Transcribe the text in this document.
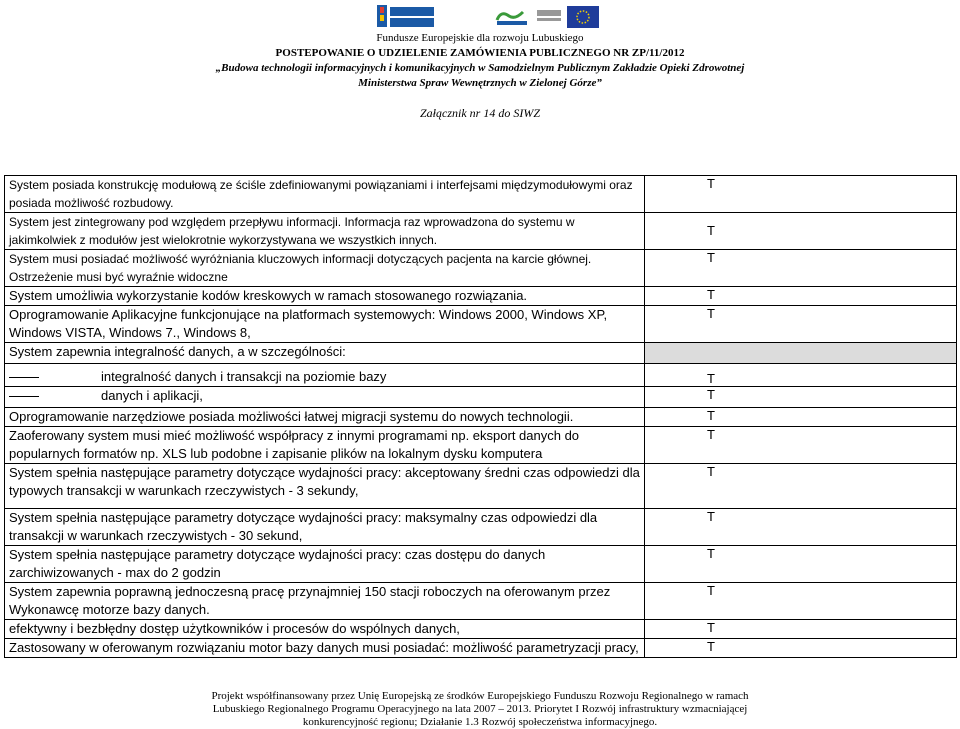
Fundusze Europejskie dla rozwoju Lubuskiego
POSTEPOWANIE O UDZIELENIE ZAMÓWIENIA PUBLICZNEGO NR ZP/11/2012
„Budowa technologii informacyjnych i komunikacyjnych w Samodzielnym Publicznym Zakładzie Opieki Zdrowotnej
Ministerstwa Spraw Wewnętrznych w Zielonej Górze”
Załącznik nr 14 do SIWZ
System posiada konstrukcję modułową ze ściśle zdefiniowanymi powiązaniami i interfejsami międzymodułowymi oraz posiada możliwość rozbudowy.	T
System jest zintegrowany pod względem przepływu informacji. Informacja raz wprowadzona do systemu w jakimkolwiek z modułów jest wielokrotnie wykorzystywana we wszystkich innych.	T
System musi posiadać możliwość wyróżniania kluczowych informacji dotyczących pacjenta na karcie głównej. Ostrzeżenie musi być wyraźnie widoczne	T
System umożliwia wykorzystanie kodów kreskowych w ramach stosowanego rozwiązania.	T
Oprogramowanie Aplikacyjne funkcjonujące na platformach systemowych: Windows 2000, Windows XP, Windows VISTA, Windows 7., Windows 8,	T
System zapewnia integralność danych, a w szczególności:	
integralność danych i transakcji na poziomie bazy	T
danych i aplikacji,	T
Oprogramowanie narzędziowe posiada możliwości łatwej migracji systemu do nowych technologii.	T
Zaoferowany system musi mieć możliwość współpracy z innymi programami np. eksport danych do popularnych formatów np. XLS lub podobne i zapisanie plików na lokalnym dysku komputera	T
System spełnia następujące parametry dotyczące wydajności pracy: akceptowany średni czas odpowiedzi dla typowych transakcji w warunkach rzeczywistych - 3 sekundy,	T
System spełnia następujące parametry dotyczące wydajności pracy: maksymalny czas odpowiedzi dla transakcji w warunkach rzeczywistych - 30 sekund,	T
System spełnia następujące parametry dotyczące wydajności pracy: czas dostępu do danych zarchiwizowanych - max do 2 godzin	T
System zapewnia poprawną jednoczesną pracę przynajmniej 150 stacji roboczych na oferowanym przez Wykonawcę motorze bazy danych.	T
efektywny i bezbłędny dostęp użytkowników i procesów do wspólnych danych,	T
Zastosowany w oferowanym rozwiązaniu motor bazy danych musi posiadać: możliwość parametryzacji pracy,	T
Projekt współfinansowany przez Unię Europejską ze środków Europejskiego Funduszu Rozwoju Regionalnego w ramach
Lubuskiego Regionalnego Programu Operacyjnego na lata 2007 – 2013. Priorytet I Rozwój infrastruktury wzmacniającej
konkurencyjność regionu; Działanie 1.3 Rozwój społeczeństwa informacyjnego.
